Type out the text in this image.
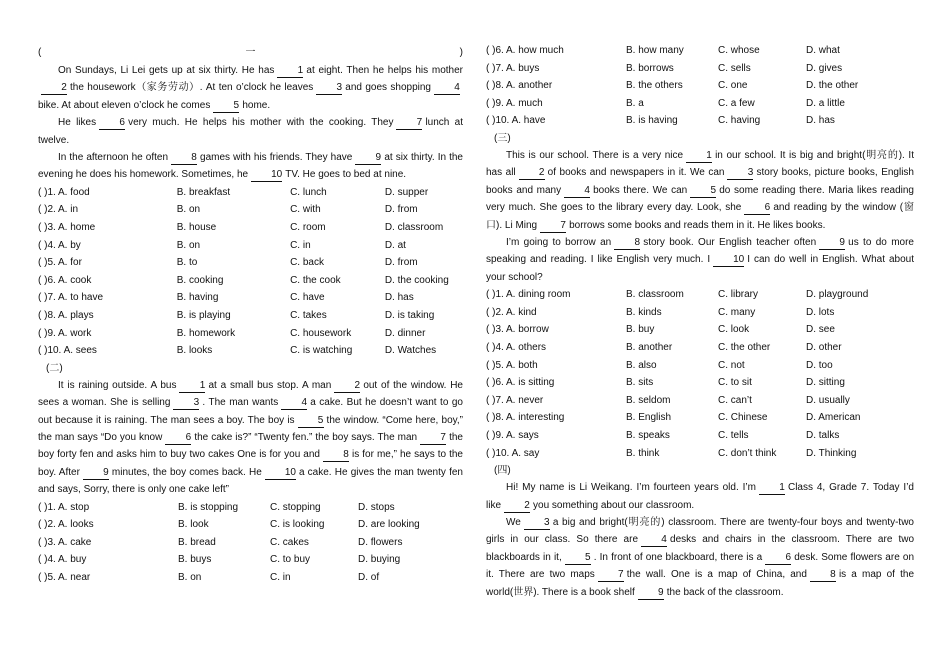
(	一	)

On Sundays, Li Lei gets up at six thirty. He has 1 at eight. Then he helps his mother2 the housework（家务劳动）. At ten o’clock he leaves 3 and goes shopping 4bike. At about eleven o’clock he comes 5 home.

He likes 6 very much. He helps his mother with the cooking. They 7 lunch at twelve.

In the afternoon he often 8 games with his friends. They have 9 at six thirty. In the evening he does his homework. Sometimes, he 10 TV. He goes to bed at nine.

( )1. A. food	B. breakfast	C. lunch	D. supper
( )2. A. in	B. on	C. with	D. from
( )3. A. home	B. house	C. room	D. classroom
( )4. A. by	B. on	C. in	D. at
( )5. A. for	B. to	C. back	D. from
( )6. A. cook	B. cooking	C. the cook	D. the cooking
( )7. A. to have	B. having	C. have	D. has
( )8. A. plays	B. is playing	C. takes	D. is taking
( )9. A. work	B. homework	C. housework	D. dinner
( )10. A. sees	B. looks	C. is watching	D. Watches
(二)

It is raining outside. A bus 1 at a small bus stop. A man 2 out of the window. He sees a woman. She is selling 3 . The man wants 4 a cake. But he doesn’t want to go out because it is raining. The man sees a boy. The boy is 5 the window. “Come here, boy,” the man says “Do you know 6 the cake is?” “Twenty fen.” the boy says. The man 7 the boy forty fen and asks him to buy two cakes One is for you and 8 is for me,” he says to the boy. After 9 minutes, the boy comes back. He 10 a cake. He gives the man twenty fen and says, Sorry, there is only one cake left”

( )1. A. stop	B. is stopping	C. stopping	D. stops
( )2. A. looks	B. look	C. is looking	D. are looking
( )3. A. cake	B. bread	C. cakes	D. flowers
( )4. A. buy	B. buys	C. to buy	D. buying
( )5. A. near	B. on	C. in	D. of
( )6. A. how much	B. how many	C. whose	D. what
( )7. A. buys	B. borrows	C. sells	D. gives
( )8. A. another	B. the others	C. one	D. the other
( )9. A. much	B. a	C. a few	D. a little
( )10. A. have	B. is having	C. having	D. has
(三)

This is our school. There is a very nice 1 in our school. It is big and bright(明亮的). It has all 2 of books and newspapers in it. We can 3 story books, picture books, English books and many 4 books there. We can 5 do some reading there. Maria likes reading very much. She goes to the library every day. Look, she 6 and reading by the window (窗口). Li Ming 7 borrows some books and reads them in it. He likes books.

I’m going to borrow an 8 story book. Our English teacher often 9 us to do more speaking and reading. I like English very much. I 10 I can do well in English. What about your school?

( )1. A. dining room	B. classroom	C. library	D. playground
( )2. A. kind	B. kinds	C. many	D. lots
( )3. A. borrow	B. buy	C. look	D. see
( )4. A. others	B. another	C. the other	D. other
( )5. A. both	B. also	C. not	D. too
( )6. A. is sitting	B. sits	C. to sit	D. sitting
( )7. A. never	B. seldom	C. can’t	D. usually
( )8. A. interesting	B. English	C. Chinese	D. American
( )9. A. says	B. speaks	C. tells	D. talks
( )10. A. say	B. think	C. don’t think	D. Thinking
(四)

Hi! My name is Li Weikang. I’m fourteen years old. I’m 1 Class 4, Grade 7. Today I’d like 2 you something about our classroom.

We 3 a big and bright(明亮的) classroom. There are twenty-four boys and twenty-two girls in our class. So there are 4 desks and chairs in the classroom. There are two blackboards in it, 5 . In front of one blackboard, there is a 6 desk. Some flowers are on it. There are two maps 7 the wall. One is a map of China, and 8 is a map of the world(世界). There is a book shelf 9 the back of the classroom.
